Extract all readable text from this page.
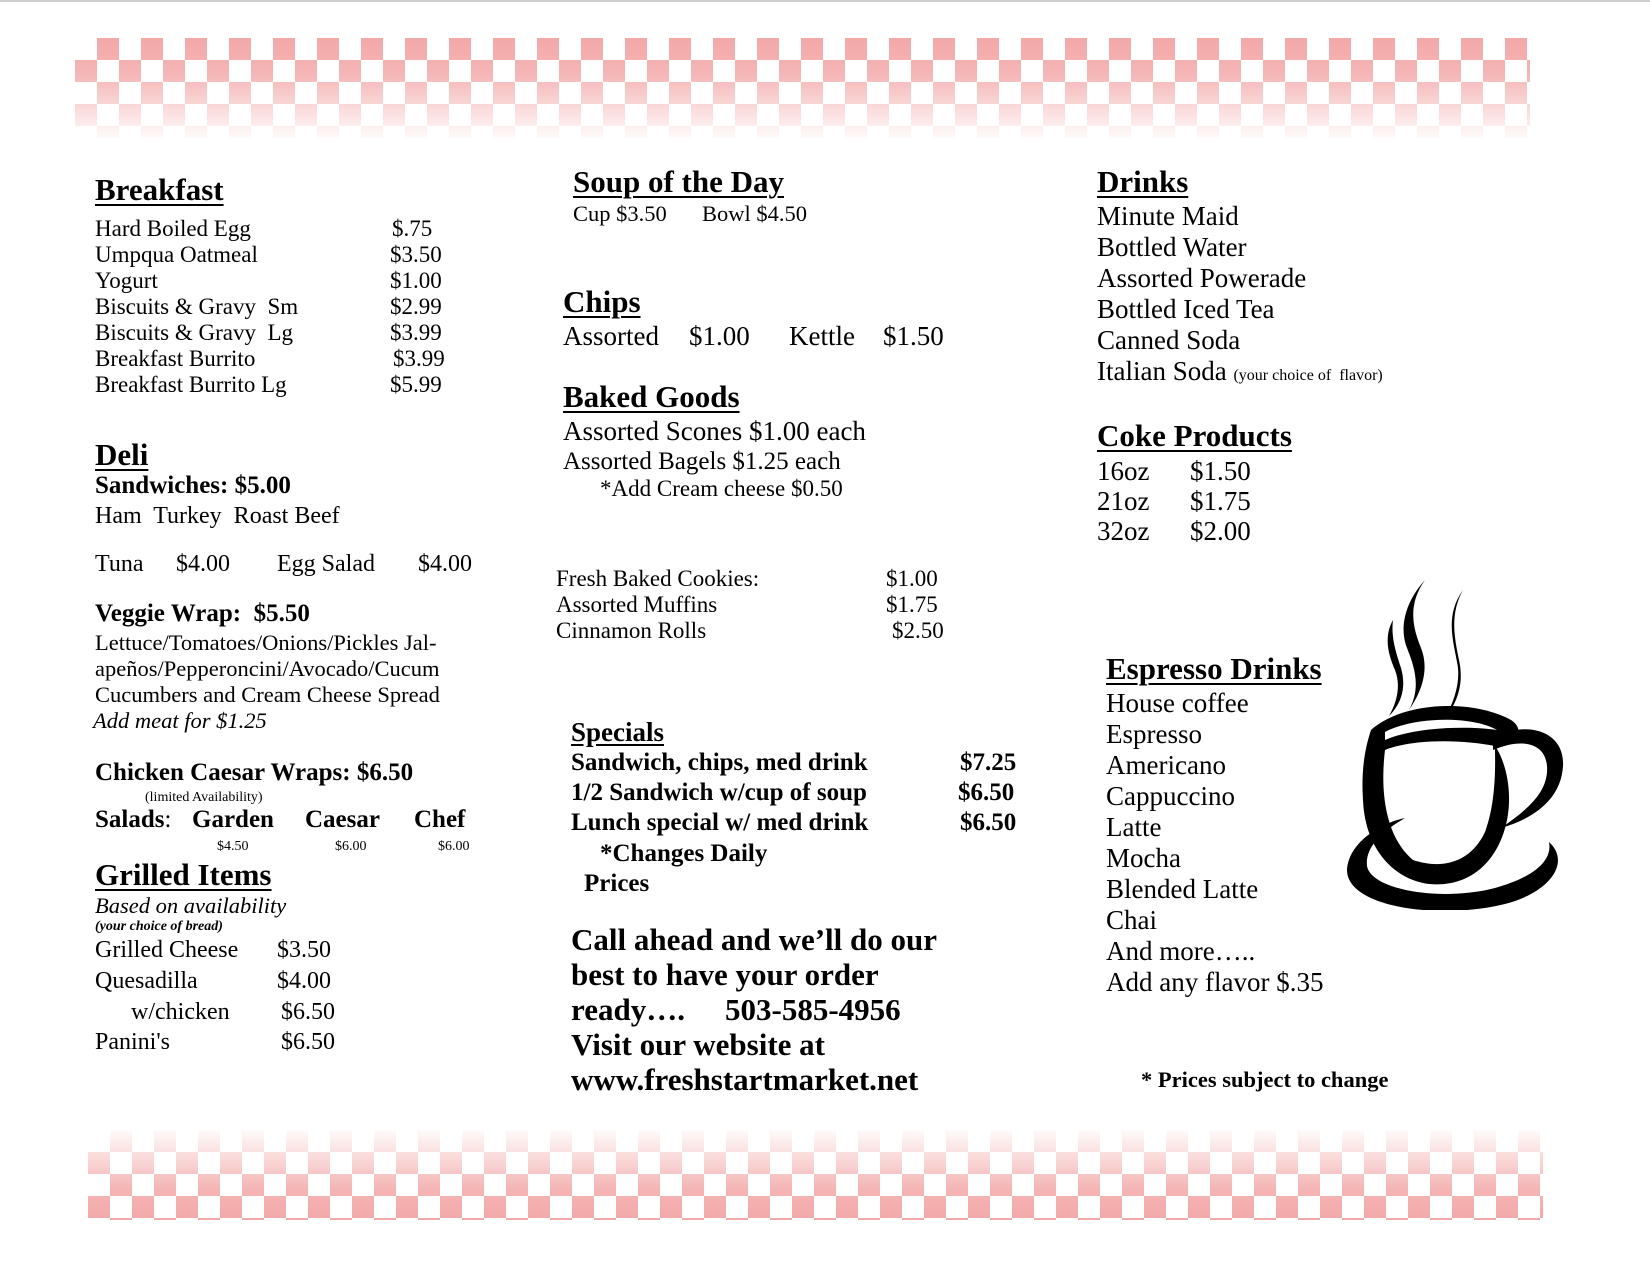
Breakfast
Hard Boiled Egg	$.75
Umpqua Oatmeal	$3.50
Yogurt	$1.00
Biscuits & Gravy  Sm	$2.99
Biscuits & Gravy  Lg	$3.99
Breakfast Burrito	$3.99
Breakfast Burrito Lg	$5.99
Deli
Sandwiches: $5.00
Ham  Turkey  Roast Beef
Tuna $4.00 Egg Salad $4.00
Veggie Wrap:  $5.50
Lettuce/Tomatoes/Onions/Pickles Jal-
apeños/Pepperoncini/Avocado/Cucum
Cucumbers and Cream Cheese Spread
Add meat for $1.25
Chicken Caesar Wraps: $6.50
(limited Availability)
Salads: Garden Caesar Chef
$4.50	$6.00	$6.00
Grilled Items
Based on availability
(your choice of bread)
Grilled Cheese $3.50
Quesadilla	$4.00
w/chicken $6.50
Panini's	$6.50
Soup of the Day
Cup $3.50 Bowl $4.50
Chips
Assorted $1.00 Kettle $1.50
Baked Goods
Assorted Scones $1.00 each
Assorted Bagels $1.25 each
*Add Cream cheese $0.50
Fresh Baked Cookies:	$1.00
Assorted Muffins	$1.75
Cinnamon Rolls	$2.50
Specials
Sandwich, chips, med drink	$7.25
1/2 Sandwich w/cup of soup	$6.50
Lunch special w/ med drink	$6.50
*Changes Daily
Prices
Call ahead and we’ll do our
best to have your order
ready…. 503-585-4956
Visit our website at
www.freshstartmarket.net
Drinks
Minute Maid
Bottled Water
Assorted Powerade
Bottled Iced Tea
Canned Soda
Italian Soda (your choice of  flavor)
Coke Products
16oz $1.50
21oz $1.75
32oz $2.00
Espresso Drinks
House coffee
Espresso
Americano
Cappuccino
Latte
Mocha
Blended Latte
Chai
And more…..
Add any flavor $.35
* Prices subject to change
